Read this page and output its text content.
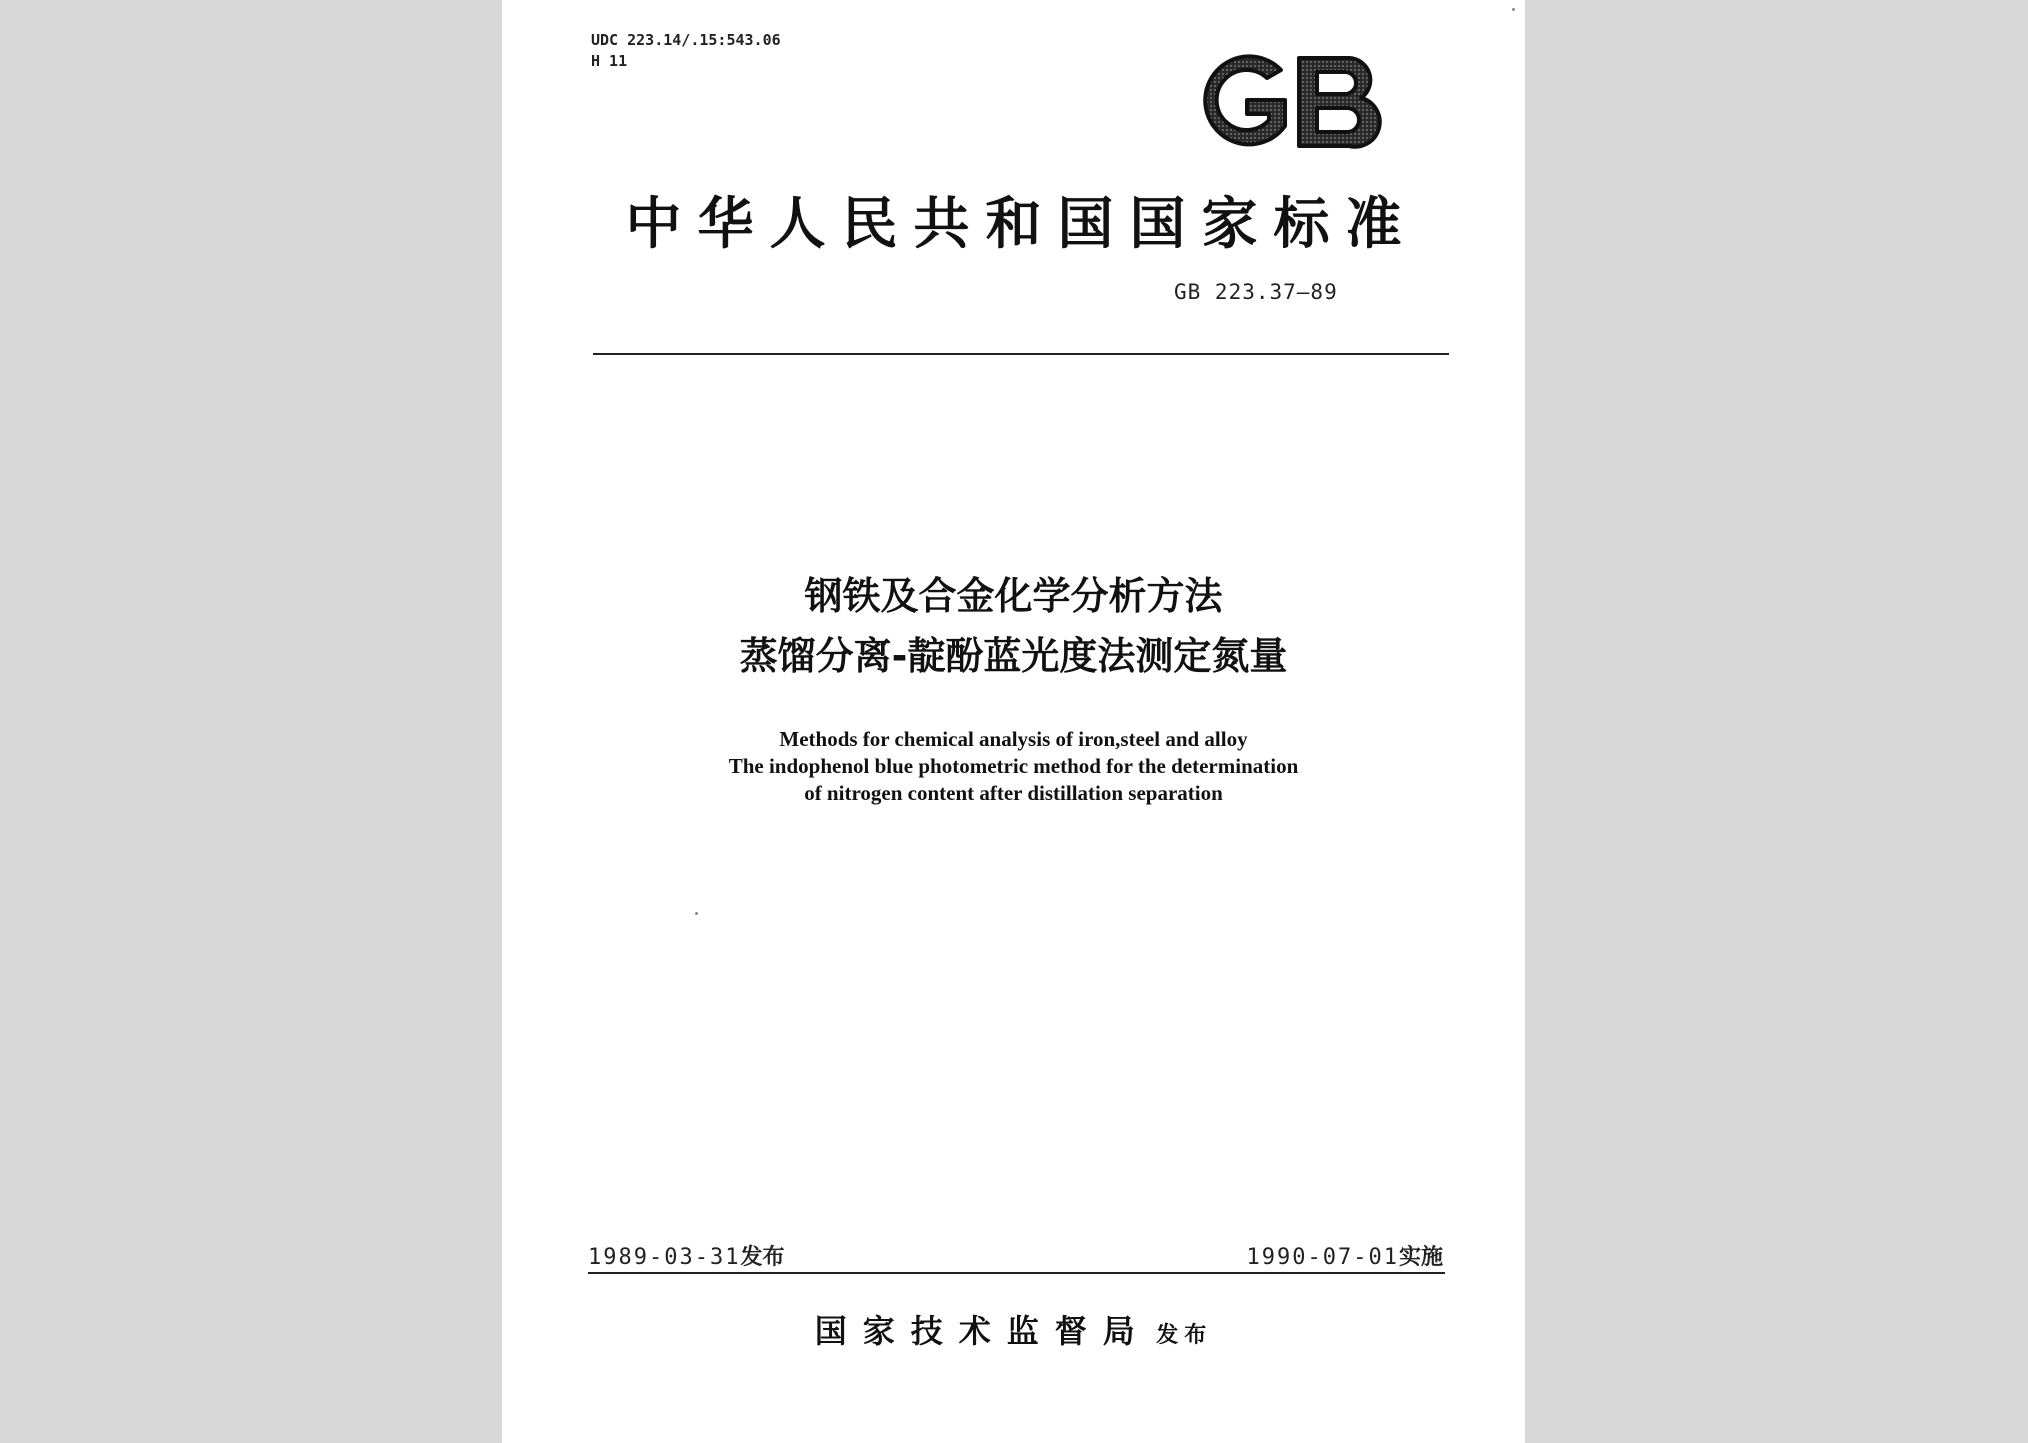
UDC 223.14/.15:543.06
H 11	GB
中华人民共和国国家标准
GB 223.37—89
钢铁及合金化学分析方法
蒸馏分离-靛酚蓝光度法测定氮量
Methods for chemical analysis of iron,steel and alloy
The indophenol blue photometric method for the determination
of nitrogen content after distillation separation
1989-03-31发布	1990-07-01实施
国家技术监督局 发布
